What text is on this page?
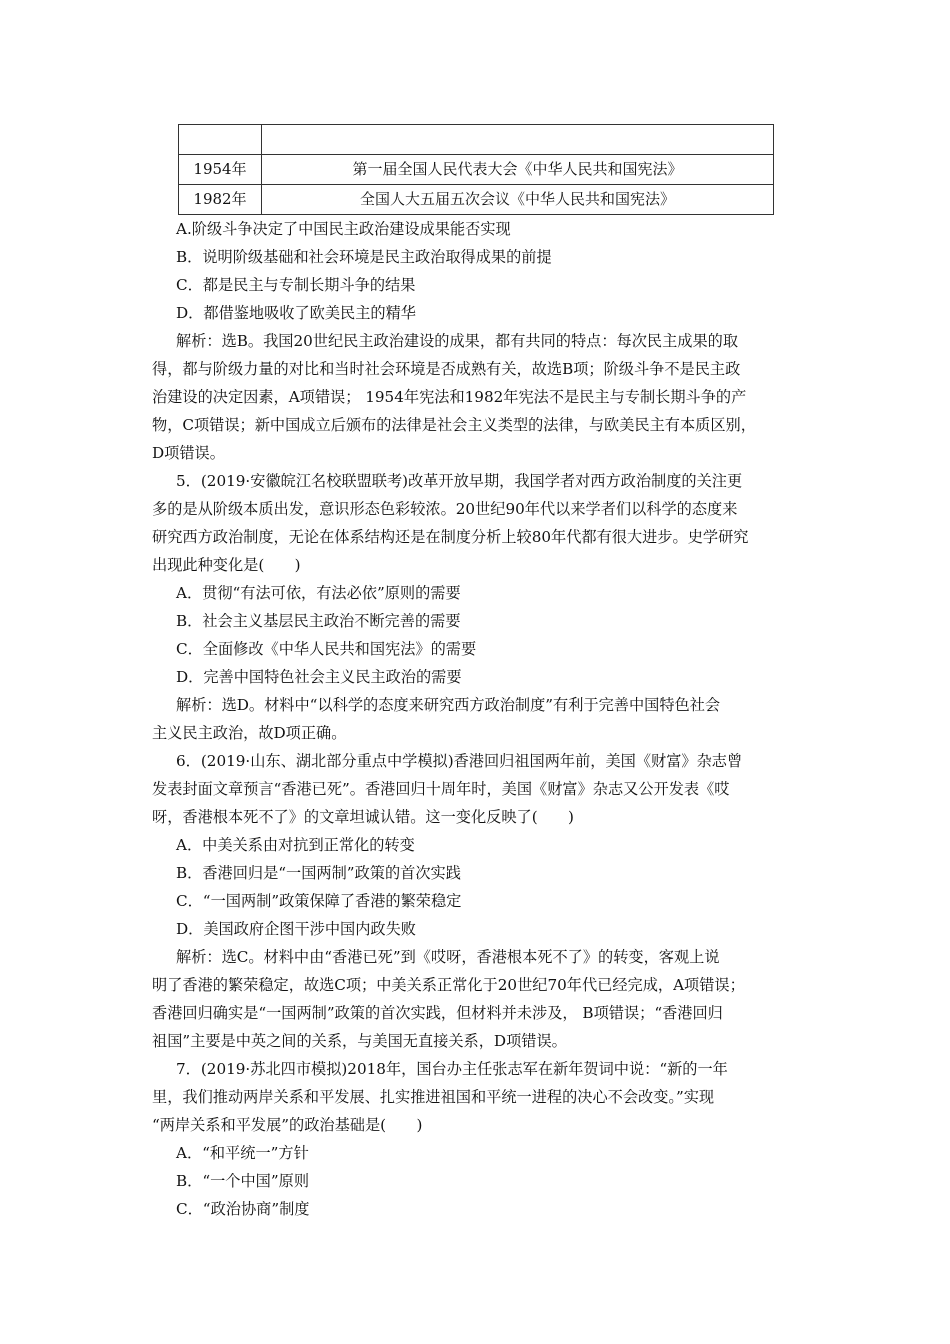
1954年	第一届全国人民代表大会《中华人民共和国宪法》
1982年	全国人大五届五次会议《中华人民共和国宪法》
A.阶级斗争决定了中国民主政治建设成果能否实现
B．说明阶级基础和社会环境是民主政治取得成果的前提
C．都是民主与专制长期斗争的结果
D．都借鉴地吸收了欧美民主的精华
解析：选B。我国20世纪民主政治建设的成果，都有共同的特点：每次民主成果的取
得，都与阶级力量的对比和当时社会环境是否成熟有关，故选B项；阶级斗争不是民主政
治建设的决定因素，A项错误； 1954年宪法和1982年宪法不是民主与专制长期斗争的产
物，C项错误；新中国成立后颁布的法律是社会主义类型的法律，与欧美民主有本质区别，
D项错误。
5．(2019·安徽皖江名校联盟联考)改革开放早期，我国学者对西方政治制度的关注更
多的是从阶级本质出发，意识形态色彩较浓。20世纪90年代以来学者们以科学的态度来
研究西方政治制度，无论在体系结构还是在制度分析上较80年代都有很大进步。史学研究
出现此种变化是(　　)
A．贯彻“有法可依，有法必依”原则的需要
B．社会主义基层民主政治不断完善的需要
C．全面修改《中华人民共和国宪法》的需要
D．完善中国特色社会主义民主政治的需要
解析：选D。材料中“以科学的态度来研究西方政治制度”有利于完善中国特色社会
主义民主政治，故D项正确。
6．(2019·山东、湖北部分重点中学模拟)香港回归祖国两年前，美国《财富》杂志曾
发表封面文章预言“香港已死”。香港回归十周年时，美国《财富》杂志又公开发表《哎
呀，香港根本死不了》的文章坦诚认错。这一变化反映了(　　)
A．中美关系由对抗到正常化的转变
B．香港回归是“一国两制”政策的首次实践
C．“一国两制”政策保障了香港的繁荣稳定
D．美国政府企图干涉中国内政失败
解析：选C。材料中由“香港已死”到《哎呀，香港根本死不了》的转变，客观上说
明了香港的繁荣稳定，故选C项；中美关系正常化于20世纪70年代已经完成，A项错误；
香港回归确实是“一国两制”政策的首次实践，但材料并未涉及， B项错误；“香港回归
祖国”主要是中英之间的关系，与美国无直接关系，D项错误。
7．(2019·苏北四市模拟)2018年，国台办主任张志军在新年贺词中说：“新的一年
里，我们推动两岸关系和平发展、扎实推进祖国和平统一进程的决心不会改变。”实现
“两岸关系和平发展”的政治基础是(　　)
A．“和平统一”方针
B．“一个中国”原则
C．“政治协商”制度
